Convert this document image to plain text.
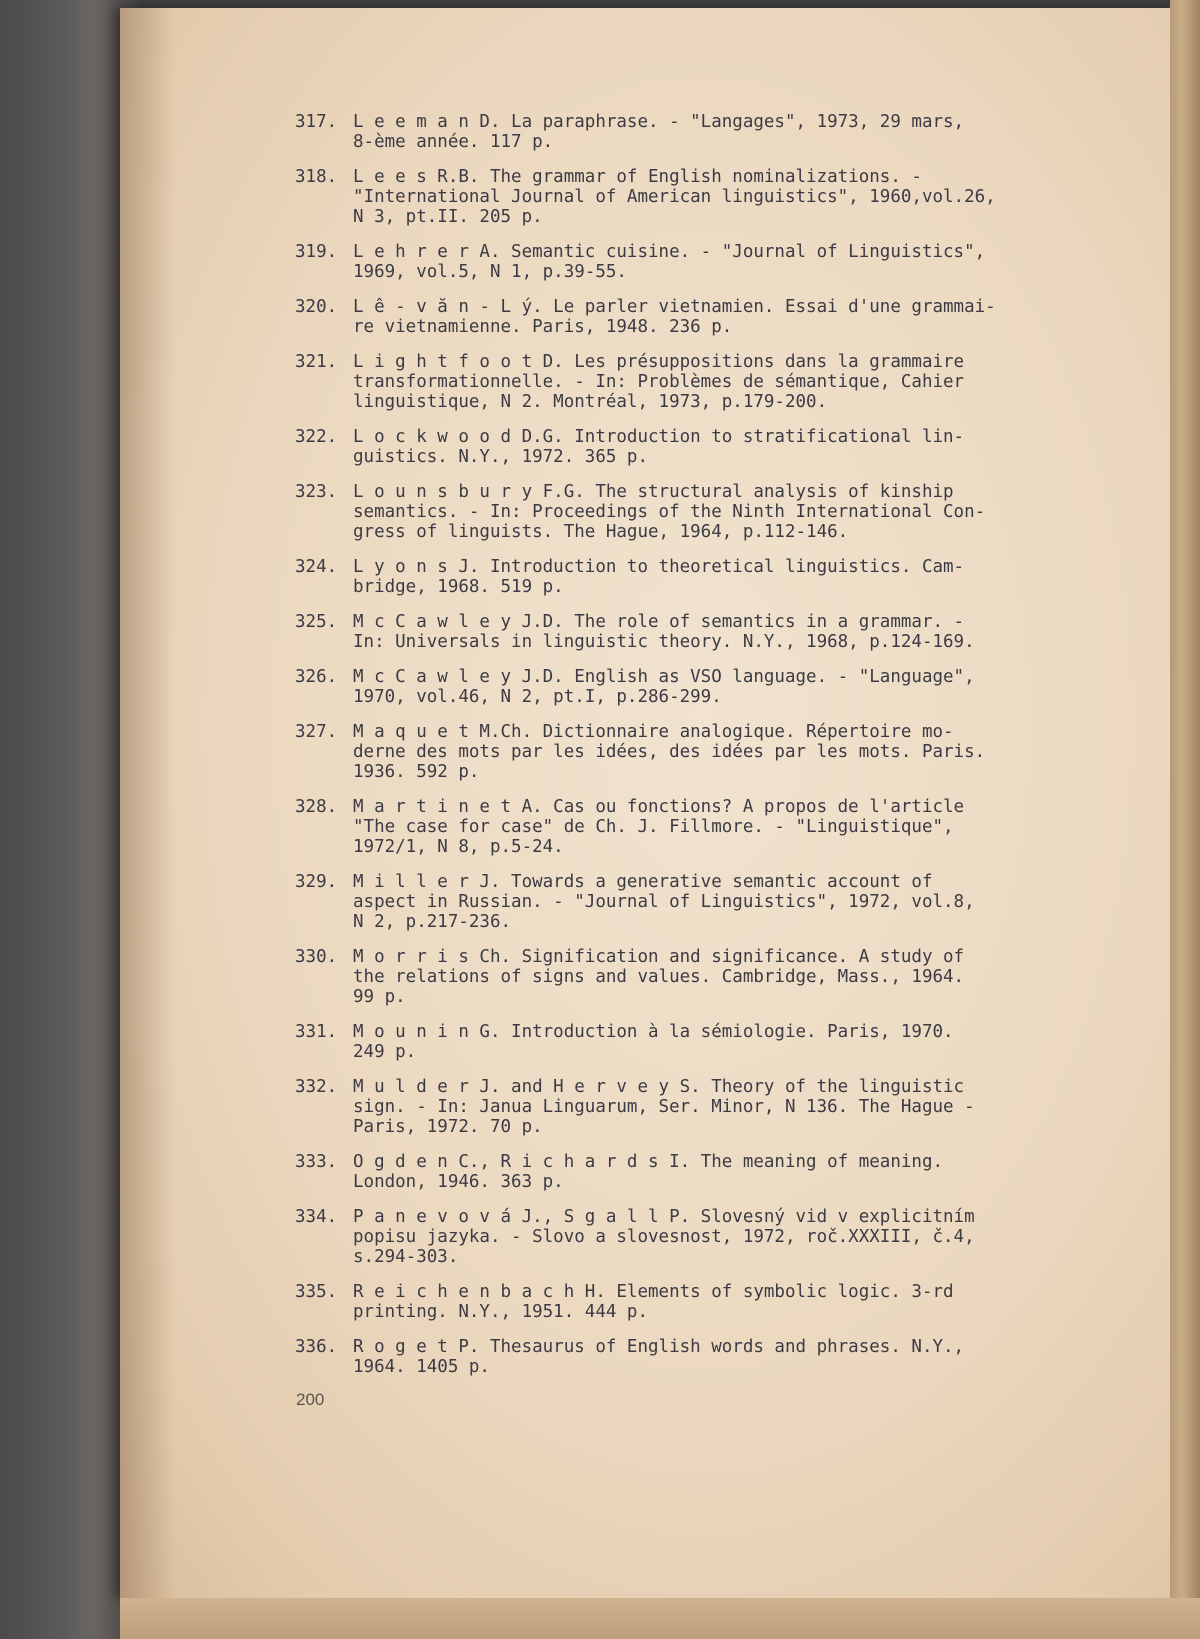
317. L e e m a n D. La paraphrase. - "Langages", 1973, 29 mars,
8-ème année. 117 p.
318. L e e s R.B. The grammar of English nominalizations. -
"International Journal of American linguistics", 1960,vol.26,
N 3, pt.II. 205 p.
319. L e h r e r A. Semantic cuisine. - "Journal of Linguistics",
1969, vol.5, N 1, p.39-55.
320. L ê - v ă n - L ý. Le parler vietnamien. Essai d'une grammai-
re vietnamienne. Paris, 1948. 236 p.
321. L i g h t f o o t D. Les présuppositions dans la grammaire
transformationnelle. - In: Problèmes de sémantique, Cahier
linguistique, N 2. Montréal, 1973, p.179-200.
322. L o c k w o o d D.G. Introduction to stratificational lin-
guistics. N.Y., 1972. 365 p.
323. L o u n s b u r y F.G. The structural analysis of kinship
semantics. - In: Proceedings of the Ninth International Con-
gress of linguists. The Hague, 1964, p.112-146.
324. L y o n s J. Introduction to theoretical linguistics. Cam-
bridge, 1968. 519 p.
325. M c C a w l e y J.D. The role of semantics in a grammar. -
In: Universals in linguistic theory. N.Y., 1968, p.124-169.
326. M c C a w l e y J.D. English as VSO language. - "Language",
1970, vol.46, N 2, pt.I, p.286-299.
327. M a q u e t M.Ch. Dictionnaire analogique. Répertoire mo-
derne des mots par les idées, des idées par les mots. Paris.
1936. 592 p.
328. M a r t i n e t A. Cas ou fonctions? A propos de l'article
"The case for case" de Ch. J. Fillmore. - "Linguistique",
1972/1, N 8, p.5-24.
329. M i l l e r J. Towards a generative semantic account of
aspect in Russian. - "Journal of Linguistics", 1972, vol.8,
N 2, p.217-236.
330. M o r r i s Ch. Signification and significance. A study of
the relations of signs and values. Cambridge, Mass., 1964.
99 p.
331. M o u n i n G. Introduction à la sémiologie. Paris, 1970.
249 p.
332. M u l d e r J. and H e r v e y S. Theory of the linguistic
sign. - In: Janua Linguarum, Ser. Minor, N 136. The Hague -
Paris, 1972. 70 p.
333. O g d e n C., R i c h a r d s I. The meaning of meaning.
London, 1946. 363 p.
334. P a n e v o v á J., S g a l l P. Slovesný vid v explicitním
popisu jazyka. - Slovo a slovesnost, 1972, roč.XXXIII, č.4,
s.294-303.
335. R e i c h e n b a c h H. Elements of symbolic logic. 3-rd
printing. N.Y., 1951. 444 p.
336. R o g e t P. Thesaurus of English words and phrases. N.Y.,
1964. 1405 p.
200
